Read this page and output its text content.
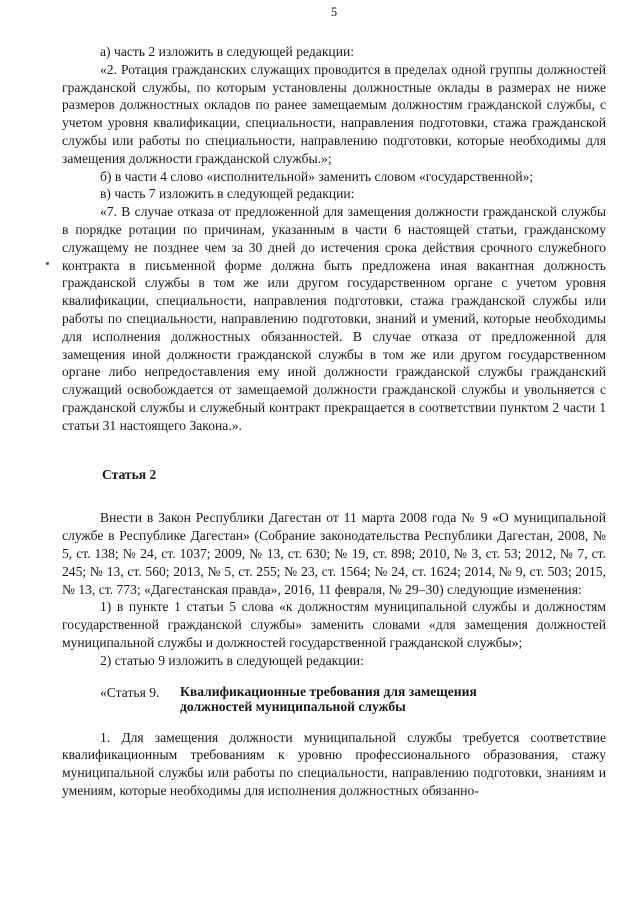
5

а) часть 2 изложить в следующей редакции:

«2. Ротация гражданских служащих проводится в пределах одной группы должностей гражданской службы, по которым установлены должностные оклады в размерах не ниже размеров должностных окладов по ранее замещаемым должностям гражданской службы, с учетом уровня квалификации, специальности, направления подготовки, стажа гражданской службы или работы по специальности, направлению подготовки, которые необходимы для замещения должности гражданской службы.»;

б) в части 4 слово «исполнительной» заменить словом «государственной»;

в) часть 7 изложить в следующей редакции:

«7. В случае отказа от предложенной для замещения должности гражданской службы в порядке ротации по причинам, указанным в части 6 настоящей статьи, гражданскому служащему не позднее чем за 30 дней до истечения срока действия срочного служебного контракта в письменной форме должна быть предложена иная вакантная должность гражданской службы в том же или другом государственном органе с учетом уровня квалификации, специальности, направления подготовки, стажа гражданской службы или работы по специальности, направлению подготовки, знаний и умений, которые необходимы для исполнения должностных обязанностей. В случае отказа от предложенной для замещения иной должности гражданской службы в том же или другом государственном органе либо непредоставления ему иной должности гражданской службы гражданский служащий освобождается от замещаемой должности гражданской службы и увольняется с гражданской службы и служебный контракт прекращается в соответствии пунктом 2 части 1 статьи 31 настоящего Закона.».

Статья 2

Внести в Закон Республики Дагестан от 11 марта 2008 года № 9 «О муниципальной службе в Республике Дагестан» (Собрание законодательства Республики Дагестан, 2008, № 5, ст. 138; № 24, ст. 1037; 2009, № 13, ст. 630; № 19, ст. 898; 2010, № 3, ст. 53; 2012, № 7, ст. 245; № 13, ст. 560; 2013, № 5, ст. 255; № 23, ст. 1564; № 24, ст. 1624; 2014, № 9, ст. 503; 2015, № 13, ст. 773; «Дагестанская правда», 2016, 11 февраля, № 29–30) следующие изменения:

1) в пункте 1 статьи 5 слова «к должностям муниципальной службы и должностям государственной гражданской службы» заменить словами «для замещения должностей муниципальной службы и должностей государственной гражданской службы»;

2) статью 9 изложить в следующей редакции:

«Статья 9.	Квалификационные требования для замещения
должностей муниципальной службы

1. Для замещения должности муниципальной службы требуется соответствие квалификационным требованиям к уровню профессионального образования, стажу муниципальной службы или работы по специальности, направлению подготовки, знаниям и умениям, которые необходимы для исполнения должностных обязанно-
